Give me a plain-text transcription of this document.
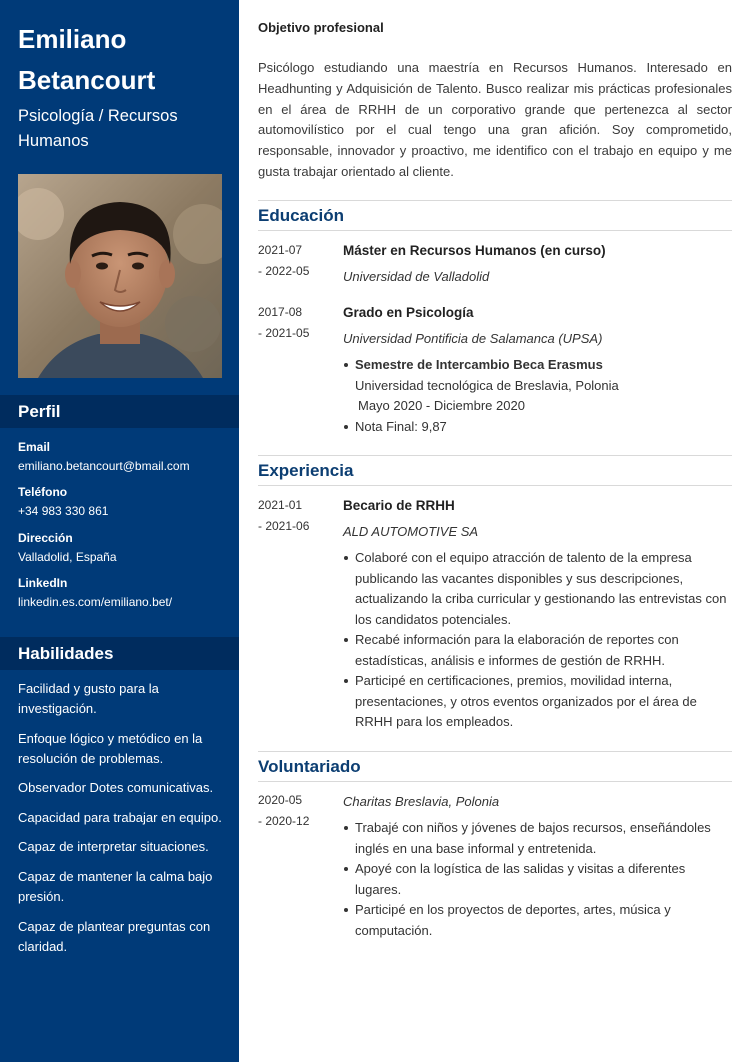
Emiliano
Betancourt
Psicología / Recursos Humanos
Perfil
Email
emiliano.betancourt@bmail.com
Teléfono
+34 983 330 861
Dirección
Valladolid, España
LinkedIn
linkedin.es.com/emiliano.bet/
Habilidades
Facilidad y gusto para la investigación.
Enfoque lógico y metódico en la resolución de problemas.
Observador Dotes comunicativas.
Capacidad para trabajar en equipo.
Capaz de interpretar situaciones.
Capaz de mantener la calma bajo presión.
Capaz de plantear preguntas con claridad.
Objetivo profesional

Psicólogo estudiando una maestría en Recursos Humanos. Interesado en Headhunting y Adquisición de Talento. Busco realizar mis prácticas profesionales en el área de RRHH de un corporativo grande que pertenezca al sector automovilístico por el cual tengo una gran afición. Soy comprometido, responsable, innovador y proactivo, me identifico con el trabajo en equipo y me gusta trabajar orientado al cliente.

Educación
2021-07
- 2022-05
Máster en Recursos Humanos (en curso)
Universidad de Valladolid
2017-08
- 2021-05
Grado en Psicología
Universidad Pontificia de Salamanca (UPSA)
Semestre de Intercambio Beca Erasmus
Universidad tecnológica de Breslavia, Polonia
Mayo 2020 - Diciembre 2020
Nota Final: 9,87
Experiencia
2021-01
- 2021-06
Becario de RRHH
ALD AUTOMOTIVE SA
Colaboré con el equipo atracción de talento de la empresa publicando las vacantes disponibles y sus descripciones, actualizando la criba curricular y gestionando las entrevistas con los candidatos potenciales.
Recabé información para la elaboración de reportes con estadísticas, análisis e informes de gestión de RRHH.
Participé en certificaciones, premios, movilidad interna, presentaciones, y otros eventos organizados por el área de RRHH para los empleados.
Voluntariado
2020-05
- 2020-12
Charitas Breslavia, Polonia
Trabajé con niños y jóvenes de bajos recursos, enseñándoles inglés en una base informal y entretenida.
Apoyé con la logística de las salidas y visitas a diferentes lugares.
Participé en los proyectos de deportes, artes, música y computación.
